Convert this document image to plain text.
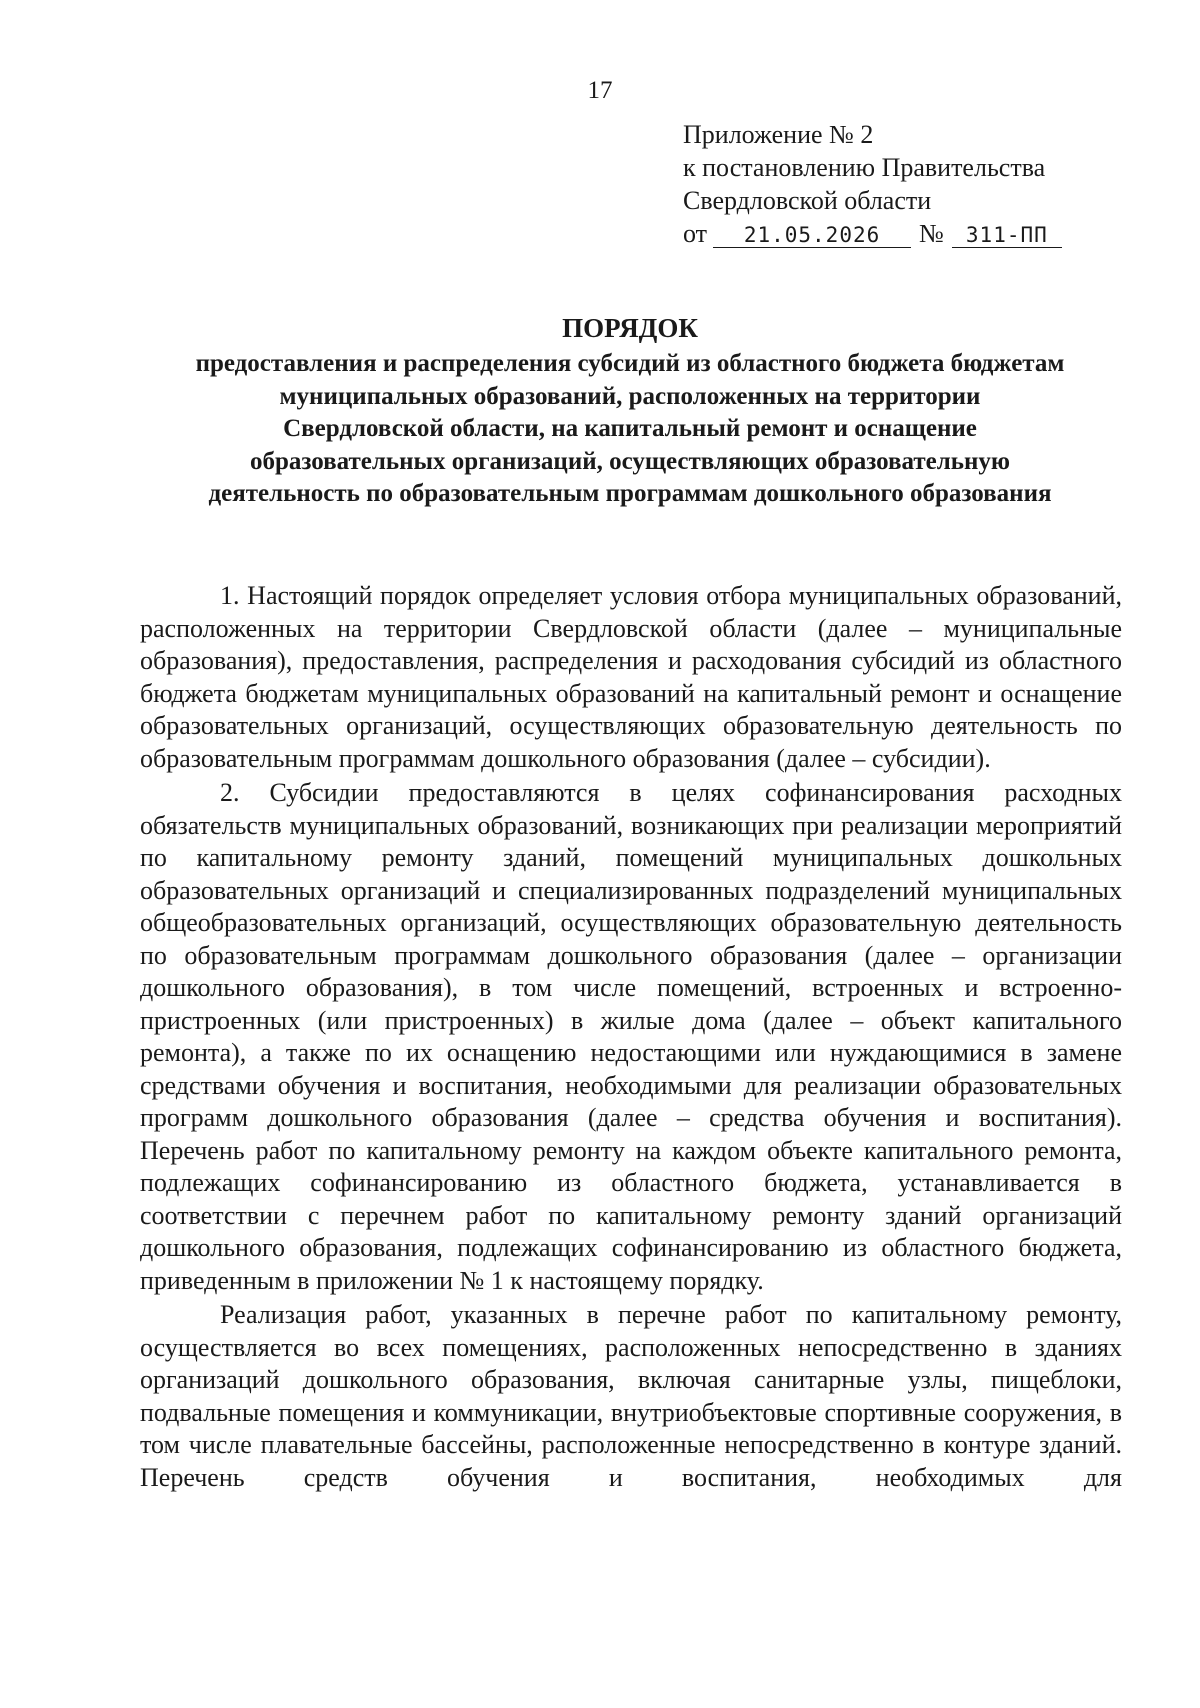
17
Приложение № 2
к постановлению Правительства
Свердловской области
от 21.05.2026 № 311-ПП
ПОРЯДОК
предоставления и распределения субсидий из областного бюджета бюджетам
муниципальных образований, расположенных на территории
Свердловской области, на капитальный ремонт и оснащение
образовательных организаций, осуществляющих образовательную
деятельность по образовательным программам дошкольного образования

1. Настоящий порядок определяет условия отбора муниципальных образований, расположенных на территории Свердловской области (далее – муниципальные образования), предоставления, распределения и расходования субсидий из областного бюджета бюджетам муниципальных образований на капитальный ремонт и оснащение образовательных организаций, осуществляющих образовательную деятельность по образовательным программам дошкольного образования (далее – субсидии).

2. Субсидии предоставляются в целях софинансирования расходных обязательств муниципальных образований, возникающих при реализации мероприятий по капитальному ремонту зданий, помещений муниципальных дошкольных образовательных организаций и специализированных подразделений муниципальных общеобразовательных организаций, осуществляющих образовательную деятельность по образовательным программам дошкольного образования (далее – организации дошкольного образования), в том числе помещений, встроенных и встроенно-пристроенных (или пристроенных) в жилые дома (далее – объект капитального ремонта), а также по их оснащению недостающими или нуждающимися в замене средствами обучения и воспитания, необходимыми для реализации образовательных программ дошкольного образования (далее – средства обучения и воспитания). Перечень работ по капитальному ремонту на каждом объекте капитального ремонта, подлежащих софинансированию из областного бюджета, устанавливается в соответствии с перечнем работ по капитальному ремонту зданий организаций дошкольного образования, подлежащих софинансированию из областного бюджета, приведенным в приложении № 1 к настоящему порядку.

Реализация работ, указанных в перечне работ по капитальному ремонту, осуществляется во всех помещениях, расположенных непосредственно в зданиях организаций дошкольного образования, включая санитарные узлы, пищеблоки, подвальные помещения и коммуникации, внутриобъектовые спортивные сооружения, в том числе плавательные бассейны, расположенные непосредственно в контуре зданий. Перечень средств обучения и воспитания, необходимых для
